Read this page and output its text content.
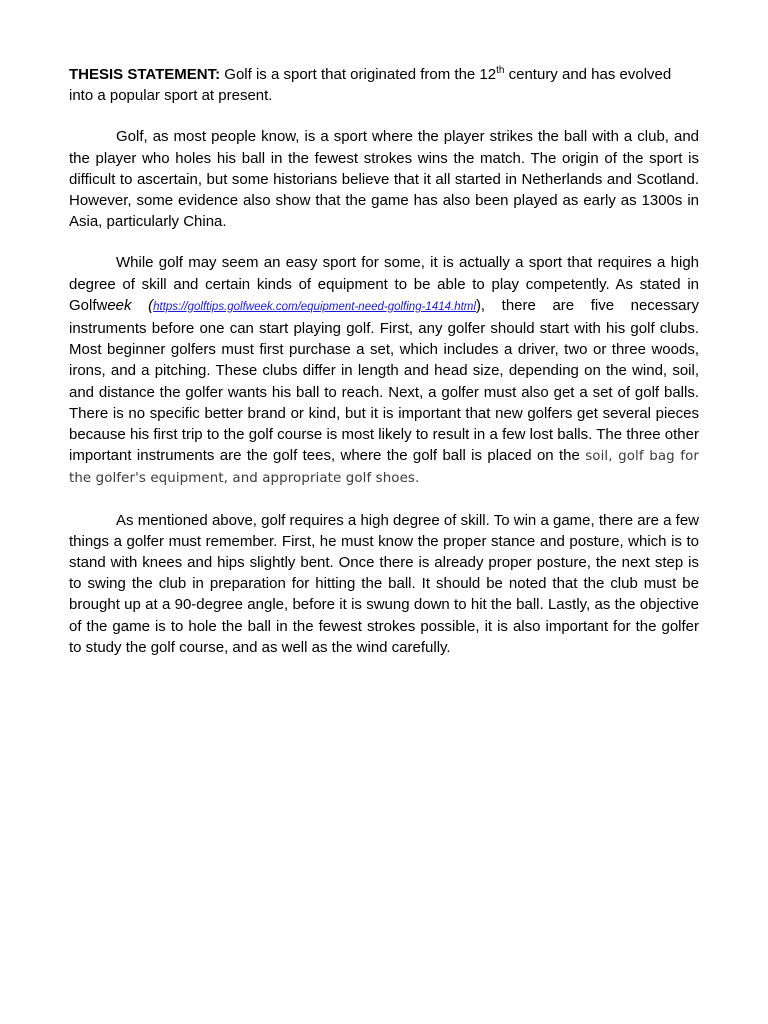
THESIS STATEMENT: Golf is a sport that originated from the 12th century and has evolved into a popular sport at present.

Golf, as most people know, is a sport where the player strikes the ball with a club, and the player who holes his ball in the fewest strokes wins the match. The origin of the sport is difficult to ascertain, but some historians believe that it all started in Netherlands and Scotland. However, some evidence also show that the game has also been played as early as 1300s in Asia, particularly China.

While golf may seem an easy sport for some, it is actually a sport that requires a high degree of skill and certain kinds of equipment to be able to play competently. As stated in Golfweek (https://golftips.golfweek.com/equipment-need-golfing-1414.html), there are five necessary instruments before one can start playing golf. First, any golfer should start with his golf clubs. Most beginner golfers must first purchase a set, which includes a driver, two or three woods, irons, and a pitching. These clubs differ in length and head size, depending on the wind, soil, and distance the golfer wants his ball to reach. Next, a golfer must also get a set of golf balls. There is no specific better brand or kind, but it is important that new golfers get several pieces because his first trip to the golf course is most likely to result in a few lost balls. The three other important instruments are the golf tees, where the golf ball is placed on the soil, golf bag for the golfer's equipment, and appropriate golf shoes.

As mentioned above, golf requires a high degree of skill. To win a game, there are a few things a golfer must remember. First, he must know the proper stance and posture, which is to stand with knees and hips slightly bent. Once there is already proper posture, the next step is to swing the club in preparation for hitting the ball. It should be noted that the club must be brought up at a 90-degree angle, before it is swung down to hit the ball. Lastly, as the objective of the game is to hole the ball in the fewest strokes possible, it is also important for the golfer to study the golf course, and as well as the wind carefully.
